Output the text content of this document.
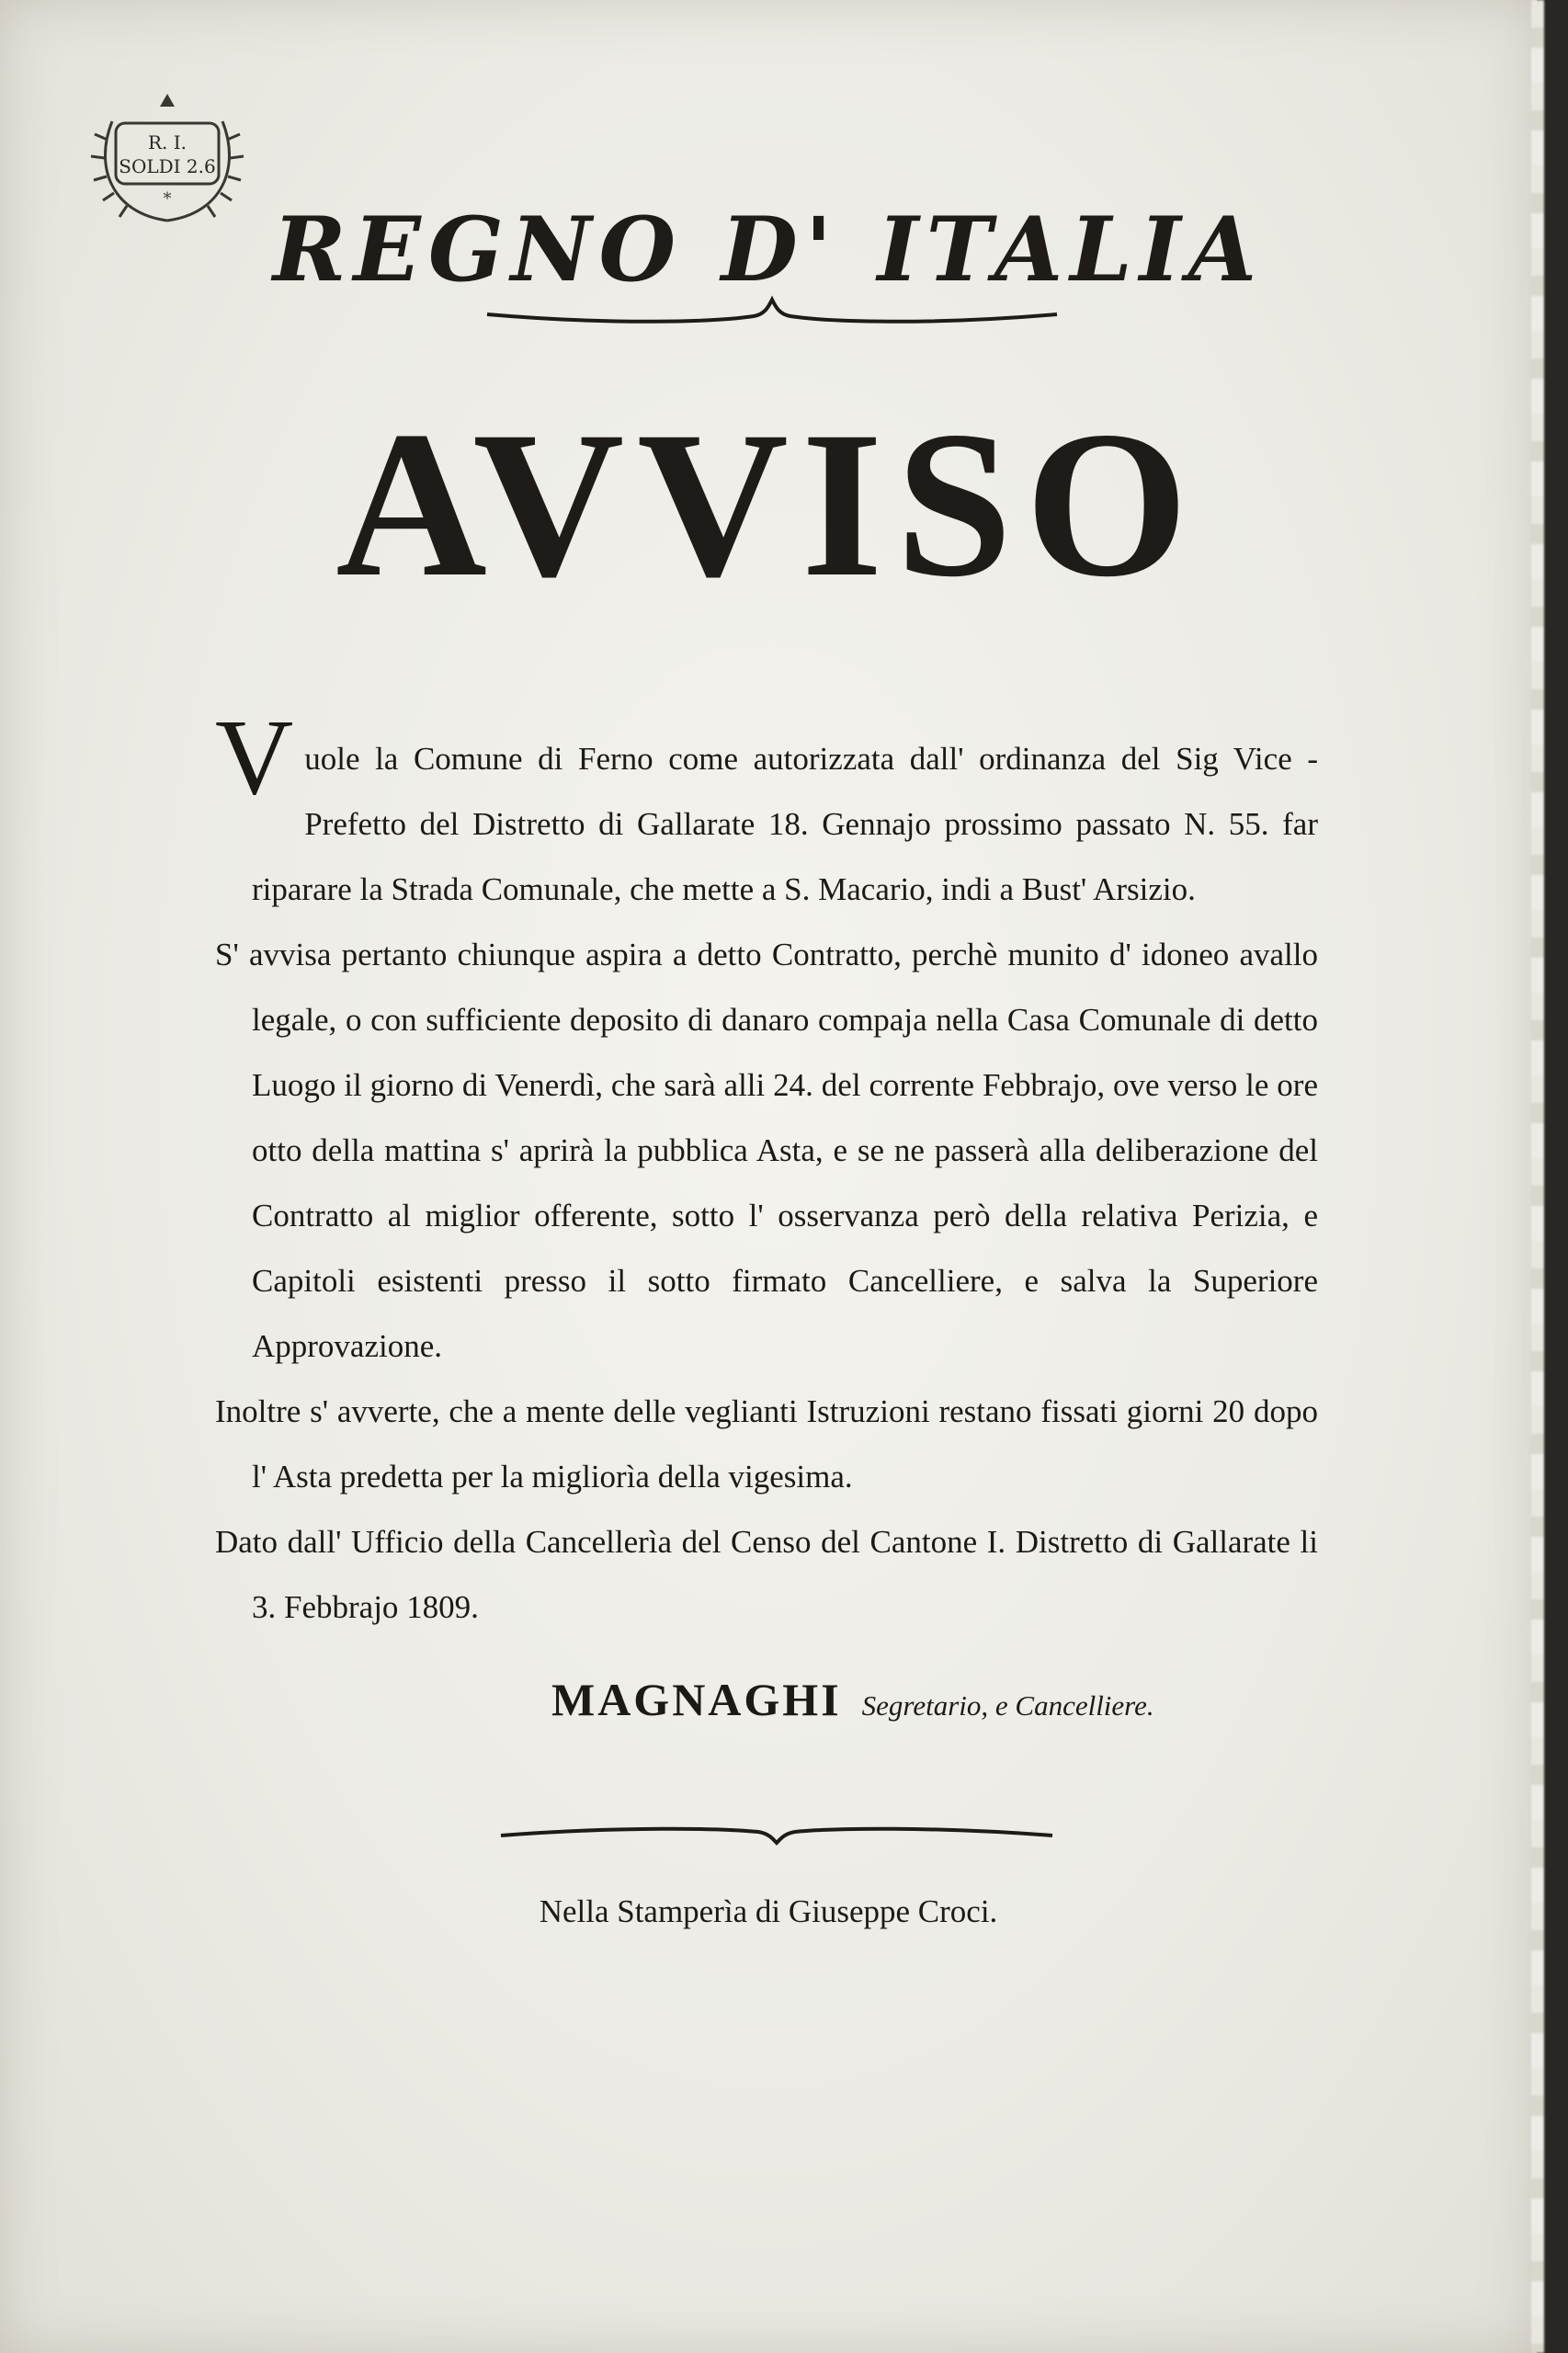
R. I.
SOLDI 2.6
*	REGNO D' ITALIA
AVVISO

Vuole la Comune di Ferno come autorizzata dall' ordinanza del Sig Vice - Prefetto del Distretto di Gallarate 18. Gennajo prossimo passato N. 55. far riparare la Strada Comunale, che mette a S. Macario, indi a Bust' Arsizio.

S' avvisa pertanto chiunque aspira a detto Contratto, perchè munito d' idoneo avallo legale, o con sufficiente deposito di danaro compaja nella Casa Comunale di detto Luogo il giorno di Venerdì, che sarà alli 24. del corrente Febbrajo, ove verso le ore otto della mattina s' aprirà la pubblica Asta, e se ne passerà alla deliberazione del Contratto al miglior offerente, sotto l' osservanza però della relativa Perizia, e Capitoli esistenti presso il sotto firmato Cancelliere, e salva la Superiore Approvazione.

Inoltre s' avverte, che a mente delle veglianti Istruzioni restano fissati giorni 20 dopo l' Asta predetta per la migliorìa della vigesima.

Dato dall' Ufficio della Cancellerìa del Censo del Cantone I. Distretto di Gallarate li 3. Febbrajo 1809.

MAGNAGHI Segretario, e Cancelliere.
Nella Stamperìa di Giuseppe Croci.
